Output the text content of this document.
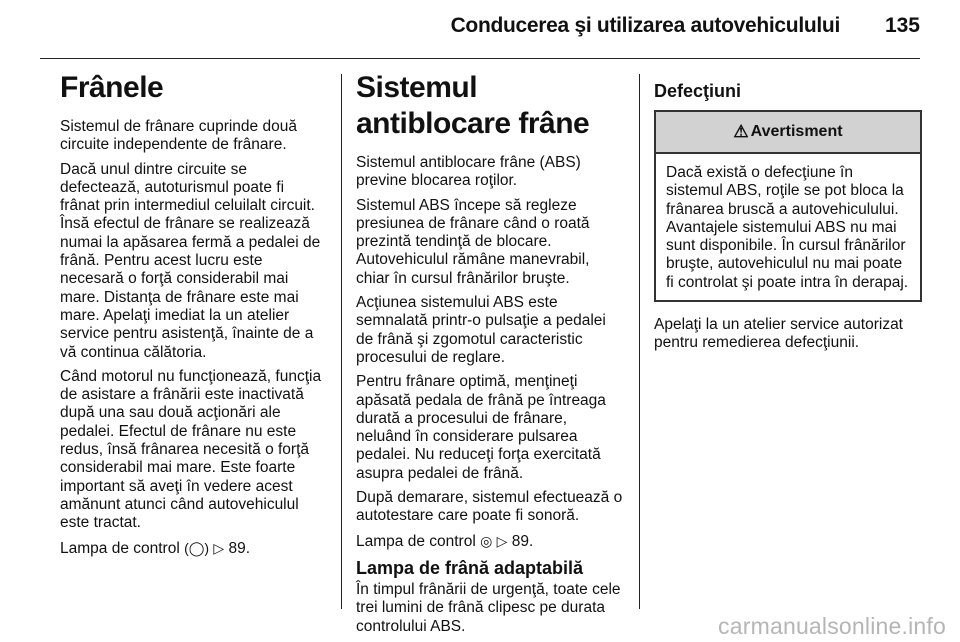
Conducerea şi utilizarea autovehiculului 135
Frânele

Sistemul de frânare cuprinde două circuite independente de frânare.

Dacă unul dintre circuite se defectează, autoturismul poate fi frânat prin intermediul celuilalt circuit. Însă efectul de frânare se realizează numai la apăsarea fermă a pedalei de frână. Pentru acest lucru este necesară o forţă considerabil mai mare. Distanţa de frânare este mai mare. Apelaţi imediat la un atelier service pentru asistenţă, înainte de a vă continua călătoria.

Când motorul nu funcţionează, funcţia de asistare a frânării este inactivată după una sau două acţionări ale pedalei. Efectul de frânare nu este redus, însă frânarea necesită o forţă considerabil mai mare. Este foarte important să aveţi în vedere acest amănunt atunci când autovehiculul este tractat.

Lampa de control (◯) ▷ 89.

Sistemul antiblocare frâne

Sistemul antiblocare frâne (ABS) previne blocarea roţilor.

Sistemul ABS începe să regleze presiunea de frânare când o roată prezintă tendinţă de blocare. Autovehiculul rămâne manevrabil, chiar în cursul frânărilor bruşte.

Acţiunea sistemului ABS este semnalată printr-o pulsaţie a pedalei de frână şi zgomotul caracteristic procesului de reglare.

Pentru frânare optimă, menţineţi apăsată pedala de frână pe întreaga durată a procesului de frânare, neluând în considerare pulsarea pedalei. Nu reduceţi forţa exercitată asupra pedalei de frână.

După demarare, sistemul efectuează o autotestare care poate fi sonoră.

Lampa de control ◎ ▷ 89.

Lampa de frână adaptabilă

În timpul frânării de urgenţă, toate cele trei lumini de frână clipesc pe durata controlului ABS.

Defecţiuni
⚠ Avertisment

Dacă există o defecţiune în sistemul ABS, roţile se pot bloca la frânarea bruscă a autovehiculului. Avantajele sistemului ABS nu mai sunt disponibile. În cursul frânărilor bruşte, autovehiculul nu mai poate fi controlat şi poate intra în derapaj.

Apelaţi la un atelier service autorizat pentru remedierea defecţiunii.

carmanualsonline.info
